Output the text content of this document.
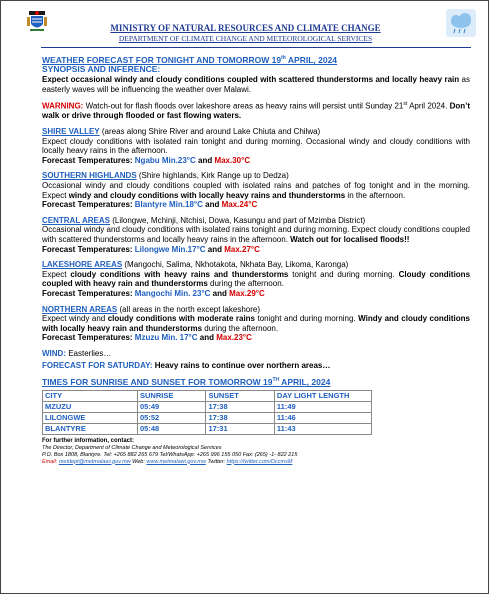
MINISTRY OF NATURAL RESOURCES AND CLIMATE CHANGE
DEPARTMENT OF CLIMATE CHANGE AND METEOROLOGICAL SERVICES

WEATHER FORECAST FOR TONIGHT AND TOMORROW 19th APRIL, 2024

SYNOPSIS AND INFERENCE:

Expect occasional windy and cloudy conditions coupled with scattered thunderstorms and locally heavy rain as easterly waves will be influencing the weather over Malawi.

WARNING: Watch-out for flash floods over lakeshore areas as heavy rains will persist until Sunday 21st April 2024. Don’t walk or drive through flooded or fast flowing waters.

SHIRE VALLEY (areas along Shire River and around Lake Chiuta and Chilwa)

Expect cloudy conditions with isolated rain tonight and during morning. Occasional windy and cloudy conditions with locally heavy rains in the afternoon.

Forecast Temperatures: Ngabu Min.23°C and Max.30°C

SOUTHERN HIGHLANDS (Shire highlands, Kirk Range up to Dedza)

Occasional windy and cloudy conditions coupled with isolated rains and patches of fog tonight and in the morning. Expect windy and cloudy conditions with locally heavy rains and thunderstorms in the afternoon.

Forecast Temperatures: Blantyre Min.18°C and Max.24°C

CENTRAL AREAS (Lilongwe, Mchinji, Ntchisi, Dowa, Kasungu and part of Mzimba District)

Occasional windy and cloudy conditions with isolated rains tonight and during morning. Expect cloudy conditions coupled with scattered thunderstorms and locally heavy rains in the afternoon. Watch out for localised floods!!

Forecast Temperatures: Lilongwe Min.17°C and Max.27°C

LAKESHORE AREAS (Mangochi, Salima, Nkhotakota, Nkhata Bay, Likoma, Karonga)

Expect cloudy conditions with heavy rains and thunderstorms tonight and during morning. Cloudy conditions coupled with heavy rain and thunderstorms during the afternoon.

Forecast Temperatures: Mangochi Min. 23°C and Max.29°C

NORTHERN AREAS (all areas in the north except lakeshore)

Expect windy and cloudy conditions with moderate rains tonight and during morning. Windy and cloudy conditions with locally heavy rain and thunderstorms during the afternoon.

Forecast Temperatures: Mzuzu Min. 17°C and Max.23°C

WIND: Easterlies…

FORECAST FOR SATURDAY: Heavy rains to continue over northern areas…

TIMES FOR SUNRISE AND SUNSET FOR TOMORROW 19TH APRIL, 2024

CITY	SUNRISE	SUNSET	DAY LIGHT LENGTH
MZUZU	05:49	17:38	11:49
LILONGWE	05:52	17:38	11:46
BLANTYRE	05:48	17:31	11:43
For further information, contact:
The Director, Department of Climate Change and Meteorological Services
P.O. Box 1808, Blantyre. Tel: +265 882 265 679 Tel/WhatsApp: +265 996 155 050 Fax: (265) -1- 822 215
Email: metdept@metmalawi.gov.mw Web: www.metmalawi.gov.mw Twitter: https://twitter.com/DccmsM
